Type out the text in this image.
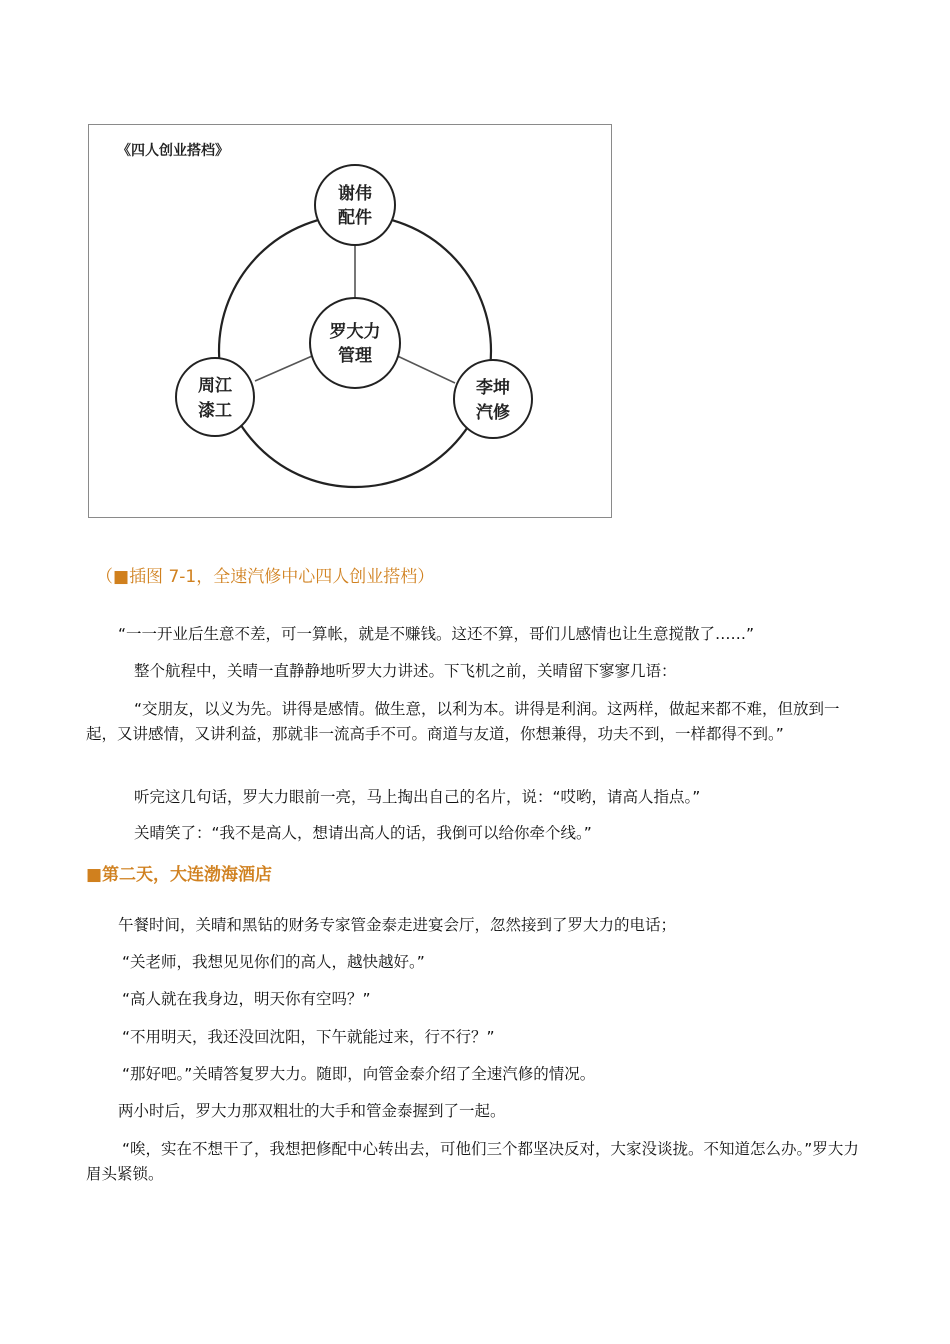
《四人创业搭档》
谢伟
配件
罗大力
管理
周江
漆工
李坤
汽修
（■插图 7-1，全速汽修中心四人创业搭档）

“一一开业后生意不差，可一算帐，就是不赚钱。这还不算，哥们儿感情也让生意搅散了……”

整个航程中，关晴一直静静地听罗大力讲述。下飞机之前，关晴留下寥寥几语：

“交朋友，以义为先。讲得是感情。做生意，以利为本。讲得是利润。这两样，做起来都不难，但放到一起，又讲感情，又讲利益，那就非一流高手不可。商道与友道，你想兼得，功夫不到，一样都得不到。”

听完这几句话，罗大力眼前一亮，马上掏出自己的名片，说：“哎哟，请高人指点。”

关晴笑了：“我不是高人，想请出高人的话，我倒可以给你牵个线。”

■第二天，大连渤海酒店

午餐时间，关晴和黑钻的财务专家管金泰走进宴会厅，忽然接到了罗大力的电话；

“关老师，我想见见你们的高人，越快越好。”

“高人就在我身边，明天你有空吗？”

“不用明天，我还没回沈阳，下午就能过来，行不行？”

“那好吧。”关晴答复罗大力。随即，向管金泰介绍了全速汽修的情况。

两小时后，罗大力那双粗壮的大手和管金泰握到了一起。

“唉，实在不想干了，我想把修配中心转出去，可他们三个都坚决反对，大家没谈拢。不知道怎么办。”罗大力眉头紧锁。
